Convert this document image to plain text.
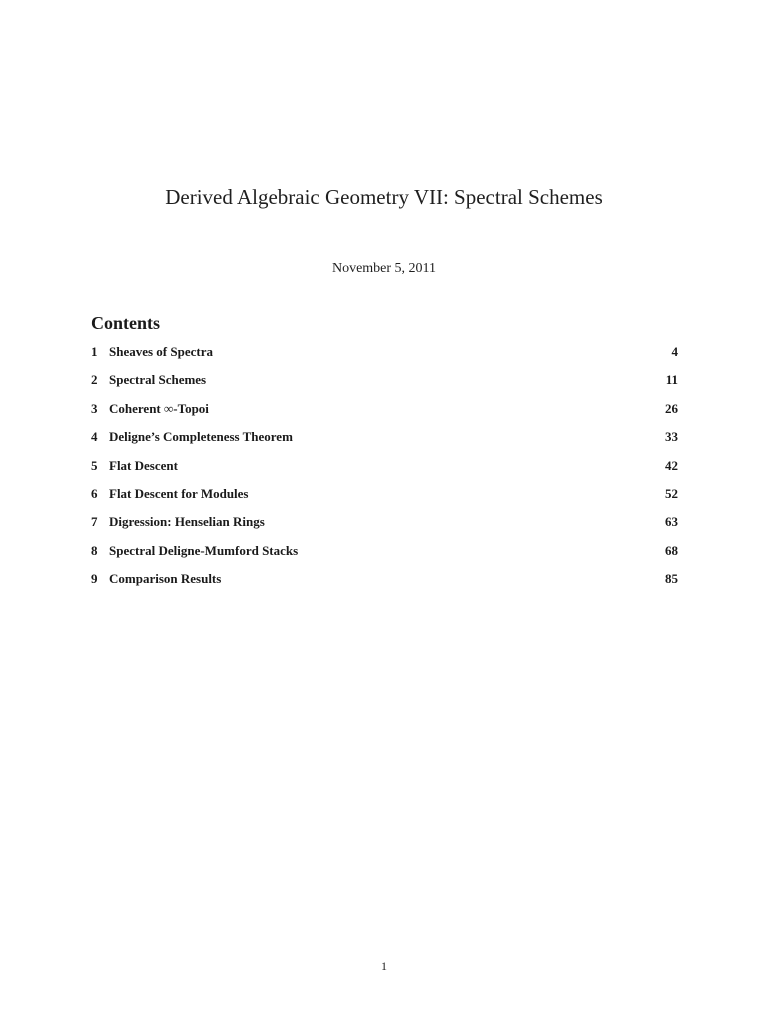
Derived Algebraic Geometry VII: Spectral Schemes

November 5, 2011

Contents
1 Sheaves of Spectra	4
2 Spectral Schemes	11
3 Coherent ∞-Topoi	26
4 Deligne’s Completeness Theorem	33
5 Flat Descent	42
6 Flat Descent for Modules	52
7 Digression: Henselian Rings	63
8 Spectral Deligne-Mumford Stacks	68
9 Comparison Results	85

1
